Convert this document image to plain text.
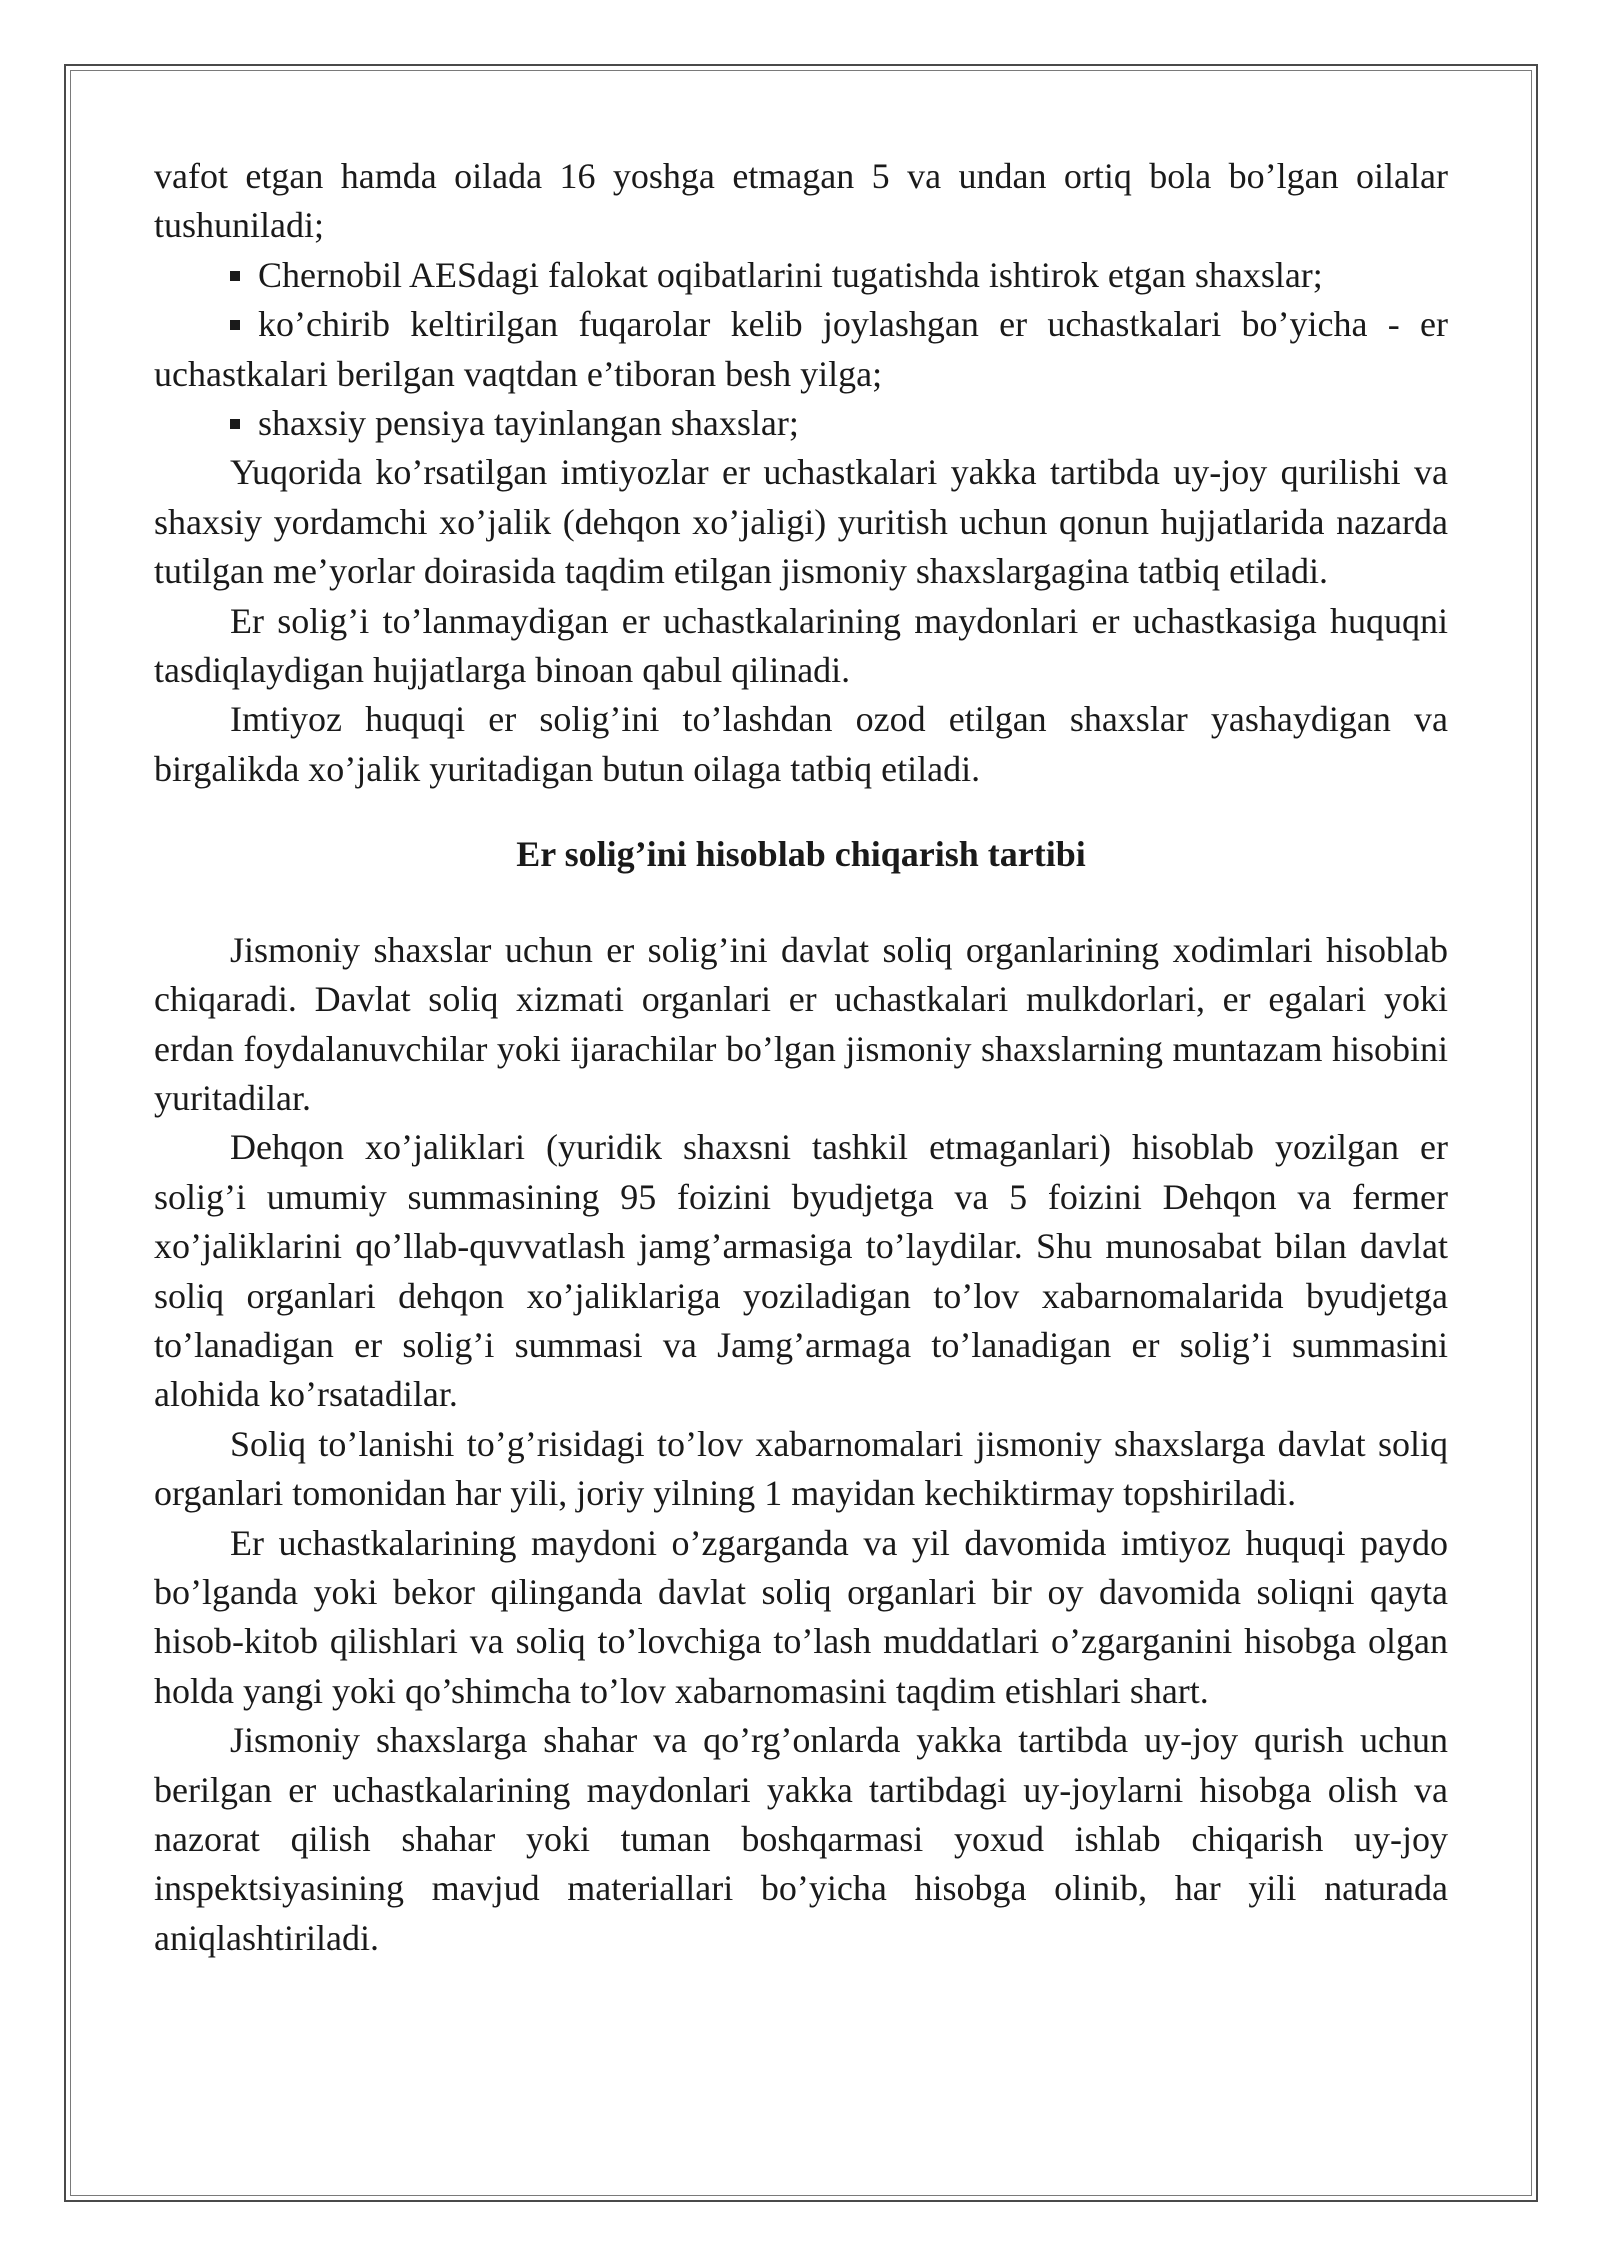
vafot etgan hamda oilada 16 yoshga etmagan 5 va undan ortiq bola bo’lgan oilalar tushuniladi;

Chernobil AESdagi falokat oqibatlarini tugatishda ishtirok etgan shaxslar;

ko’chirib keltirilgan fuqarolar kelib joylashgan er uchastkalari bo’yicha - er uchastkalari berilgan vaqtdan e’tiboran besh yilga;

shaxsiy pensiya tayinlangan shaxslar;

Yuqorida ko’rsatilgan imtiyozlar er uchastkalari yakka tartibda uy-joy qurilishi va shaxsiy yordamchi xo’jalik (dehqon xo’jaligi) yuritish uchun qonun hujjatlarida nazarda tutilgan me’yorlar doirasida taqdim etilgan jismoniy shaxslargagina tatbiq etiladi.

Er solig’i to’lanmaydigan er uchastkalarining maydonlari er uchastkasiga huquqni tasdiqlaydigan hujjatlarga binoan qabul qilinadi.

Imtiyoz huquqi er solig’ini to’lashdan ozod etilgan shaxslar yashaydigan va birgalikda xo’jalik yuritadigan butun oilaga tatbiq etiladi.

Er solig’ini hisoblab chiqarish tartibi

Jismoniy shaxslar uchun er solig’ini davlat soliq organlarining xodimlari hisoblab chiqaradi. Davlat soliq xizmati organlari er uchastkalari mulkdorlari, er egalari yoki erdan foydalanuvchilar yoki ijarachilar bo’lgan jismoniy shaxslarning muntazam hisobini yuritadilar.

Dehqon xo’jaliklari (yuridik shaxsni tashkil etmaganlari) hisoblab yozilgan er solig’i umumiy summasining 95 foizini byudjetga va 5 foizini Dehqon va fermer xo’jaliklarini qo’llab-quvvatlash jamg’armasiga to’laydilar. Shu munosabat bilan davlat soliq organlari dehqon xo’jaliklariga yoziladigan to’lov xabarnomalarida byudjetga to’lanadigan er solig’i summasi va Jamg’armaga to’lanadigan er solig’i summasini alohida ko’rsatadilar.

Soliq to’lanishi to’g’risidagi to’lov xabarnomalari jismoniy shaxslarga davlat soliq organlari tomonidan har yili, joriy yilning 1 mayidan kechiktirmay topshiriladi.

Er uchastkalarining maydoni o’zgarganda va yil davomida imtiyoz huquqi paydo bo’lganda yoki bekor qilinganda davlat soliq organlari bir oy davomida soliqni qayta hisob-kitob qilishlari va soliq to’lovchiga to’lash muddatlari o’zgarganini hisobga olgan holda yangi yoki qo’shimcha to’lov xabarnomasini taqdim etishlari shart.

Jismoniy shaxslarga shahar va qo’rg’onlarda yakka tartibda uy-joy qurish uchun berilgan er uchastkalarining maydonlari yakka tartibdagi uy-joylarni hisobga olish va nazorat qilish shahar yoki tuman boshqarmasi yoxud ishlab chiqarish uy-joy inspektsiyasining mavjud materiallari bo’yicha hisobga olinib, har yili naturada aniqlashtiriladi.
